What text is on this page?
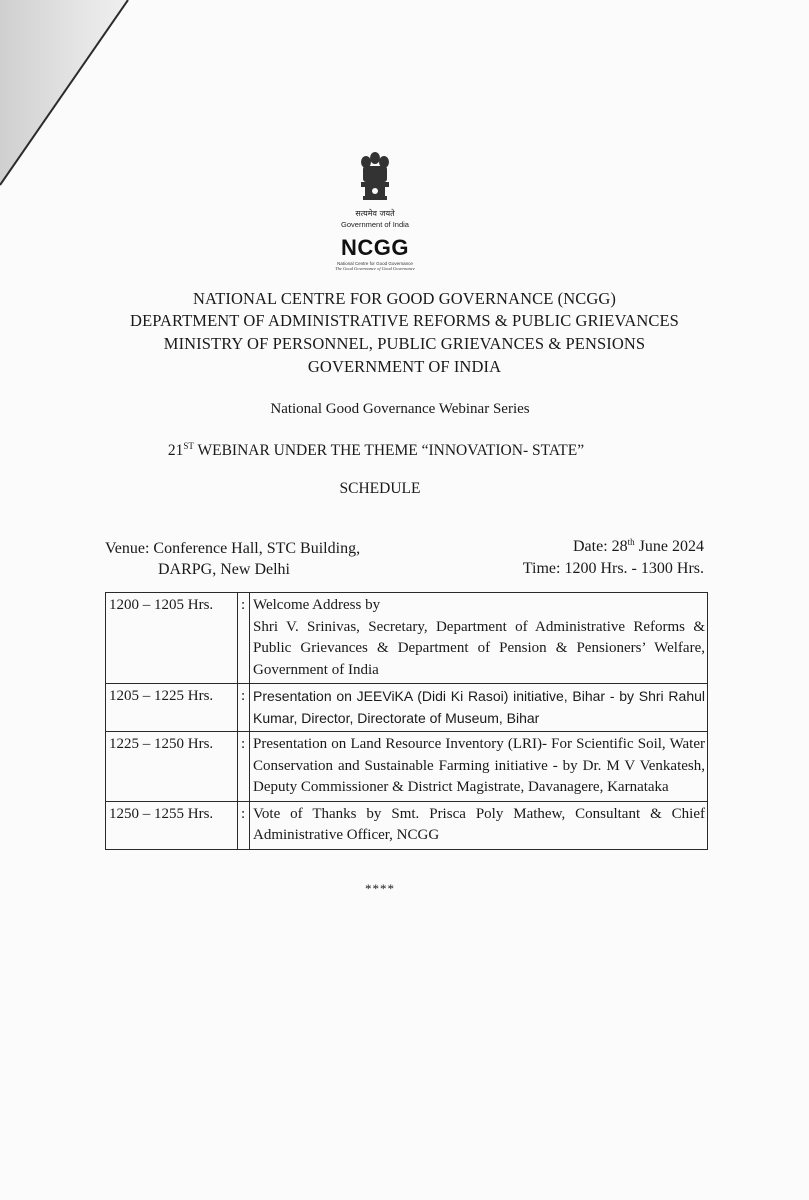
सत्यमेव जयते
Government of India
NCGG
National Centre for Good Governance
The Good Governance of Good Governance
NATIONAL CENTRE FOR GOOD GOVERNANCE (NCGG)
DEPARTMENT OF ADMINISTRATIVE REFORMS & PUBLIC GRIEVANCES
MINISTRY OF PERSONNEL, PUBLIC GRIEVANCES & PENSIONS
GOVERNMENT OF INDIA
National Good Governance Webinar Series
21ST WEBINAR UNDER THE THEME “INNOVATION- STATE”
SCHEDULE
Venue: Conference Hall, STC Building,
DARPG, New Delhi
Date: 28th June 2024
Time: 1200 Hrs. - 1300 Hrs.
1200 – 1205 Hrs.	:	Welcome Address by
Shri V. Srinivas, Secretary, Department of Administrative Reforms & Public Grievances & Department of Pension & Pensioners’ Welfare, Government of India

1205 – 1225 Hrs.	:	Presentation on JEEViKA (Didi Ki Rasoi) initiative, Bihar - by Shri Rahul Kumar, Director, Directorate of Museum, Bihar
1225 – 1250 Hrs.	:	Presentation on Land Resource Inventory (LRI)- For Scientific Soil, Water Conservation and Sustainable Farming initiative - by Dr. M V Venkatesh, Deputy Commissioner & District Magistrate, Davanagere, Karnataka
1250 – 1255 Hrs.	:	Vote of Thanks by Smt. Prisca Poly Mathew, Consultant & Chief Administrative Officer, NCGG
****
